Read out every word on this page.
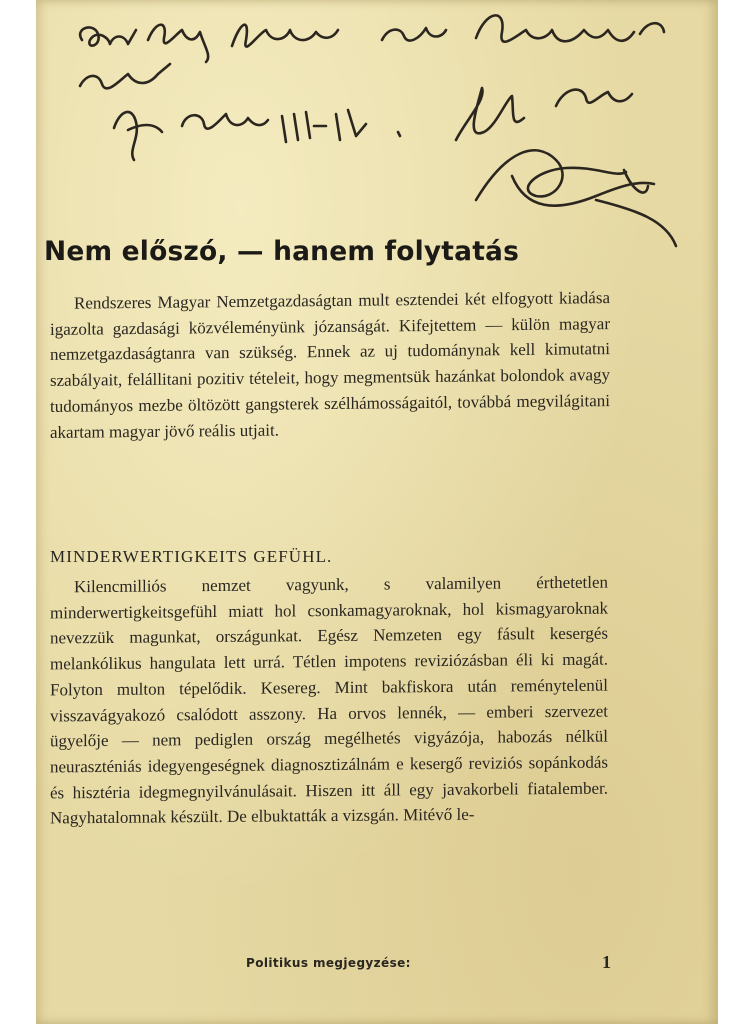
Nem előszó, — hanem folytatás

Rendszeres Magyar Nemzetgazdaságtan mult esztendei két elfogyott kiadása igazolta gazdasági közvéleményünk józanságát. Kifejtettem — külön magyar nemzetgazdaságtanra van szükség. Ennek az uj tudománynak kell kimutatni szabályait, felállitani pozitiv tételeit, hogy megmentsük hazánkat bolondok avagy tudományos mezbe öltözött gangsterek szélhámosságaitól, továbbá megvilágitani akartam magyar jövő reális utjait.

MINDERWERTIGKEITS GEFÜHL.

Kilencmilliós nemzet vagyunk, s valamilyen érthetetlen minderwertigkeitsgefühl miatt hol csonkamagyaroknak, hol kismagyaroknak nevezzük magunkat, országunkat. Egész Nemzeten egy fásult kesergés melankólikus hangulata lett urrá. Tétlen impotens reviziózásban éli ki magát. Folyton multon tépelődik. Kesereg. Mint bakfiskora után reménytelenül visszavágyakozó csalódott asszony. Ha orvos lennék, — emberi szervezet ügyelője — nem pediglen ország megélhetés vigyázója, habozás nélkül neuraszténiás idegyengeségnek diagnosztizálnám e kesergő reviziós sopánkodás és hisztéria idegmegnyilvánulásait. Hiszen itt áll egy javakorbeli fiatalember. Nagyhatalomnak készült. De elbuktatták a vizsgán. Mitévő le-

Politikus megjegyzése:	1
